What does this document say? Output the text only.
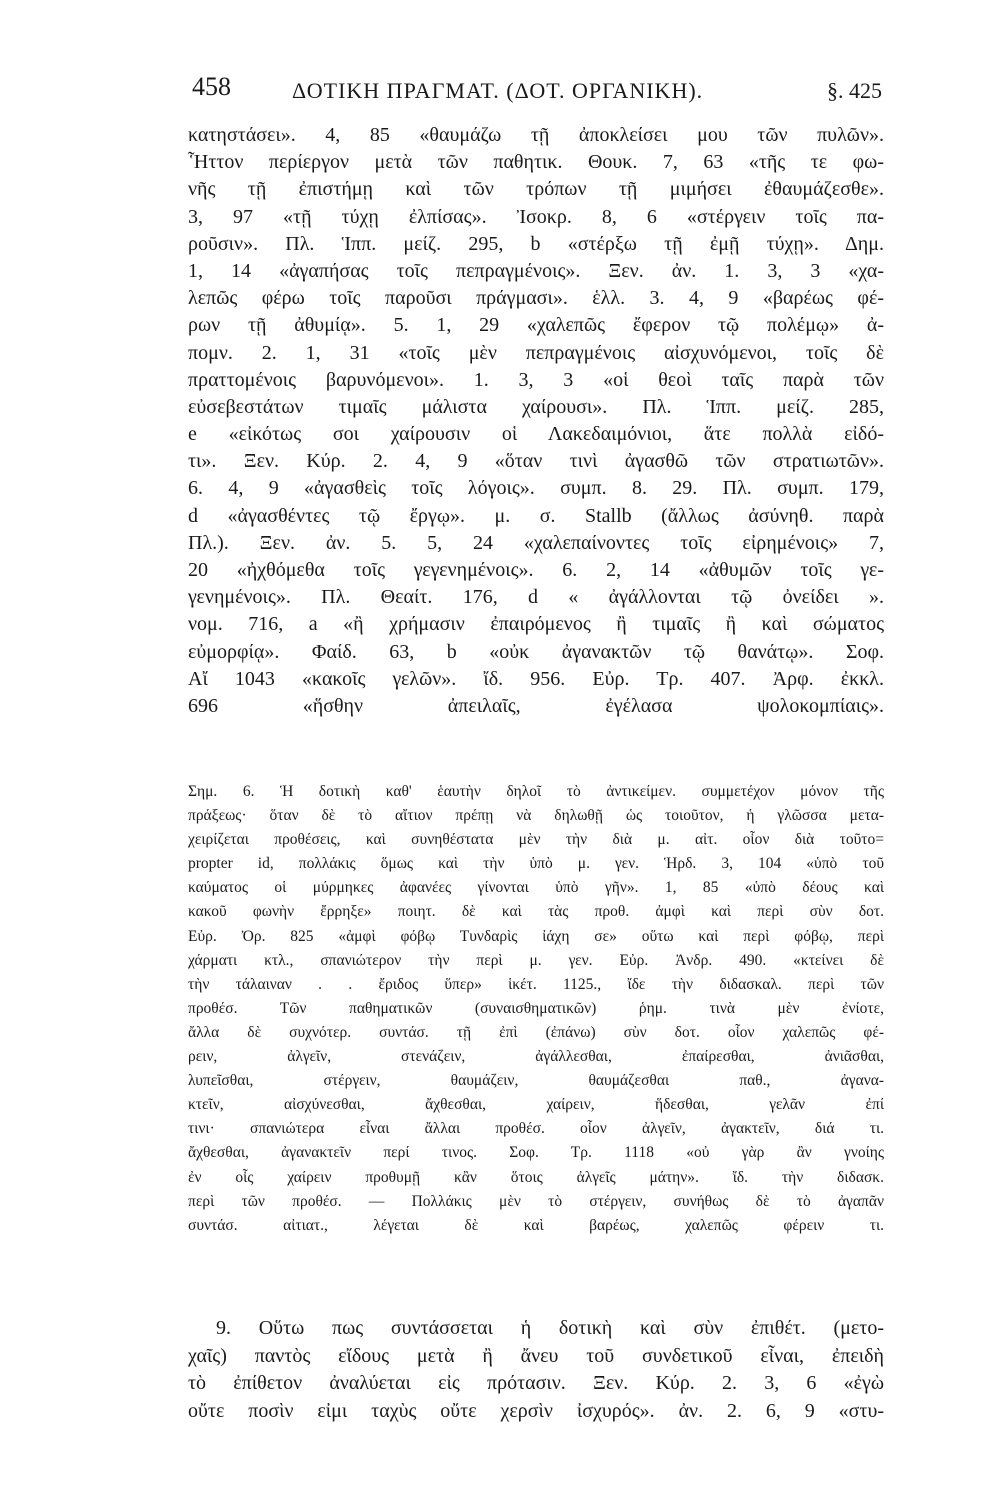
458	ΔΟΤΙΚΗ ΠΡΑΓΜΑΤ. (ΔΟΤ. ΟΡΓΑΝΙΚΗ).	§. 425
κατηστάσει». 4, 85 «θαυμάζω τῇ ἀποκλείσει μου τῶν πυλῶν».
Ἧττον περίεργον μετὰ τῶν παθητικ. Θουκ. 7, 63 «τῆς τε φω-
νῆς τῇ ἐπιστήμῃ καὶ τῶν τρόπων τῇ μιμήσει ἐθαυμάζεσθε».
3, 97 «τῇ τύχῃ ἐλπίσας». Ἰσοκρ. 8, 6 «στέργειν τοῖς πα-
ροῦσιν». Πλ. Ἱππ. μείζ. 295, b «στέρξω τῇ ἐμῇ τύχῃ». Δημ.
1, 14 «ἀγαπήσας τοῖς πεπραγμένοις». Ξεν. ἀν. 1. 3, 3 «χα-
λεπῶς φέρω τοῖς παροῦσι πράγμασι». ἑλλ. 3. 4, 9 «βαρέως φέ-
ρων τῇ ἀθυμίᾳ». 5. 1, 29 «χαλεπῶς ἔφερον τῷ πολέμῳ» ἀ-
πομν. 2. 1, 31 «τοῖς μὲν πεπραγμένοις αἰσχυνόμενοι, τοῖς δὲ
πραττομένοις βαρυνόμενοι». 1. 3, 3 «οἱ θεοὶ ταῖς παρὰ τῶν
εὐσεβεστάτων τιμαῖς μάλιστα χαίρουσι». Πλ. Ἱππ. μείζ. 285,
e «εἰκότως σοι χαίρουσιν οἱ Λακεδαιμόνιοι, ἅτε πολλὰ εἰδό-
τι». Ξεν. Κύρ. 2. 4, 9 «ὅταν τινὶ ἀγασθῶ τῶν στρατιωτῶν».
6. 4, 9 «ἀγασθεὶς τοῖς λόγοις». συμπ. 8. 29. Πλ. συμπ. 179,
d «ἀγασθέντες τῷ ἔργῳ». μ. σ. Stallb (ἄλλως ἀσύνηθ. παρὰ
Πλ.). Ξεν. ἀν. 5. 5, 24 «χαλεπαίνοντες τοῖς εἰρημένοις» 7,
20 «ἠχθόμεθα τοῖς γεγενημένοις». 6. 2, 14 «ἀθυμῶν τοῖς γε-
γενημένοις». Πλ. Θεαίτ. 176, d « ἀγάλλονται τῷ ὀνείδει ».
νομ. 716, a «ἢ χρήμασιν ἐπαιρόμενος ἢ τιμαῖς ἢ καὶ σώματος
εὐμορφίᾳ». Φαίδ. 63, b «οὐκ ἀγανακτῶν τῷ θανάτῳ». Σοφ.
Αἴ 1043 «κακοῖς γελῶν». ἴδ. 956. Εὐρ. Τρ. 407. Ἀρφ. ἐκκλ.
696 «ἥσθην ἀπειλαῖς, ἐγέλασα ψολοκομπίαις».
Σημ. 6. Ἡ δοτικὴ καθ' ἑαυτὴν δηλοῖ τὸ ἀντικείμεν. συμμετέχον μόνον τῆς
πράξεως· ὅταν δὲ τὸ αἴτιον πρέπῃ νὰ δηλωθῇ ὡς τοιοῦτον, ἡ γλῶσσα μετα-
χειρίζεται προθέσεις, καὶ συνηθέστατα μὲν τὴν διὰ μ. αἰτ. οἷον διὰ τοῦτο=
propter id, πολλάκις ὅμως καὶ τὴν ὑπὸ μ. γεν. Ἡρδ. 3, 104 «ὑπὸ τοῦ
καύματος οἱ μύρμηκες ἀφανέες γίνονται ὑπὸ γῆν». 1, 85 «ὑπὸ δέους καὶ
κακοῦ φωνὴν ἔρρηξε» ποιητ. δὲ καὶ τὰς προθ. ἀμφὶ καὶ περὶ σὺν δοτ.
Εὐρ. Ὀρ. 825 «ἀμφὶ φόβῳ Τυνδαρὶς ἰάχη σε» οὕτω καὶ περὶ φόβῳ, περὶ
χάρματι κτλ., σπανιώτερον τὴν περὶ μ. γεν. Εὐρ. Ἀνδρ. 490. «κτείνει δὲ
τὴν τάλαιναν . . ἔριδος ὕπερ» ἱκέτ. 1125., ἴδε τὴν διδασκαλ. περὶ τῶν
προθέσ. Τῶν παθηματικῶν (συναισθηματικῶν) ῥημ. τινὰ μὲν ἐνίοτε,
ἄλλα δὲ συχνότερ. συντάσ. τῇ ἐπὶ (ἐπάνω) σὺν δοτ. οἷον χαλεπῶς φέ-
ρειν, ἀλγεῖν, στενάζειν, ἀγάλλεσθαι, ἐπαίρεσθαι, ἀνιᾶσθαι,
λυπεῖσθαι, στέργειν, θαυμάζειν, θαυμάζεσθαι παθ., ἀγανα-
κτεῖν, αἰσχύνεσθαι, ἄχθεσθαι, χαίρειν, ἥδεσθαι, γελᾶν ἐπί
τινι· σπανιώτερα εἶναι ἄλλαι προθέσ. οἷον ἀλγεῖν, ἀγακτεῖν, διά τι.
ἄχθεσθαι, ἀγανακτεῖν περί τινος. Σοφ. Τρ. 1118 «οὐ γὰρ ἂν γνοίης
ἐν οἷς χαίρειν προθυμῇ κἂν ὅτοις ἀλγεῖς μάτην». ἴδ. τὴν διδασκ.
περὶ τῶν προθέσ. — Πολλάκις μὲν τὸ στέργειν, συνήθως δὲ τὸ ἀγαπᾶν
συντάσ. αἰτιατ., λέγεται δὲ καὶ βαρέως, χαλεπῶς φέρειν τι.
9. Οὕτω πως συντάσσεται ἡ δοτικὴ καὶ σὺν ἐπιθέτ. (μετο-
χαῖς) παντὸς εἴδους μετὰ ἢ ἄνευ τοῦ συνδετικοῦ εἶναι, ἐπειδὴ
τὸ ἐπίθετον ἀναλύεται εἰς πρότασιν. Ξεν. Κύρ. 2. 3, 6 «ἐγὼ
οὔτε ποσὶν εἰμι ταχὺς οὔτε χερσὶν ἰσχυρός». ἀν. 2. 6, 9 «στυ-
